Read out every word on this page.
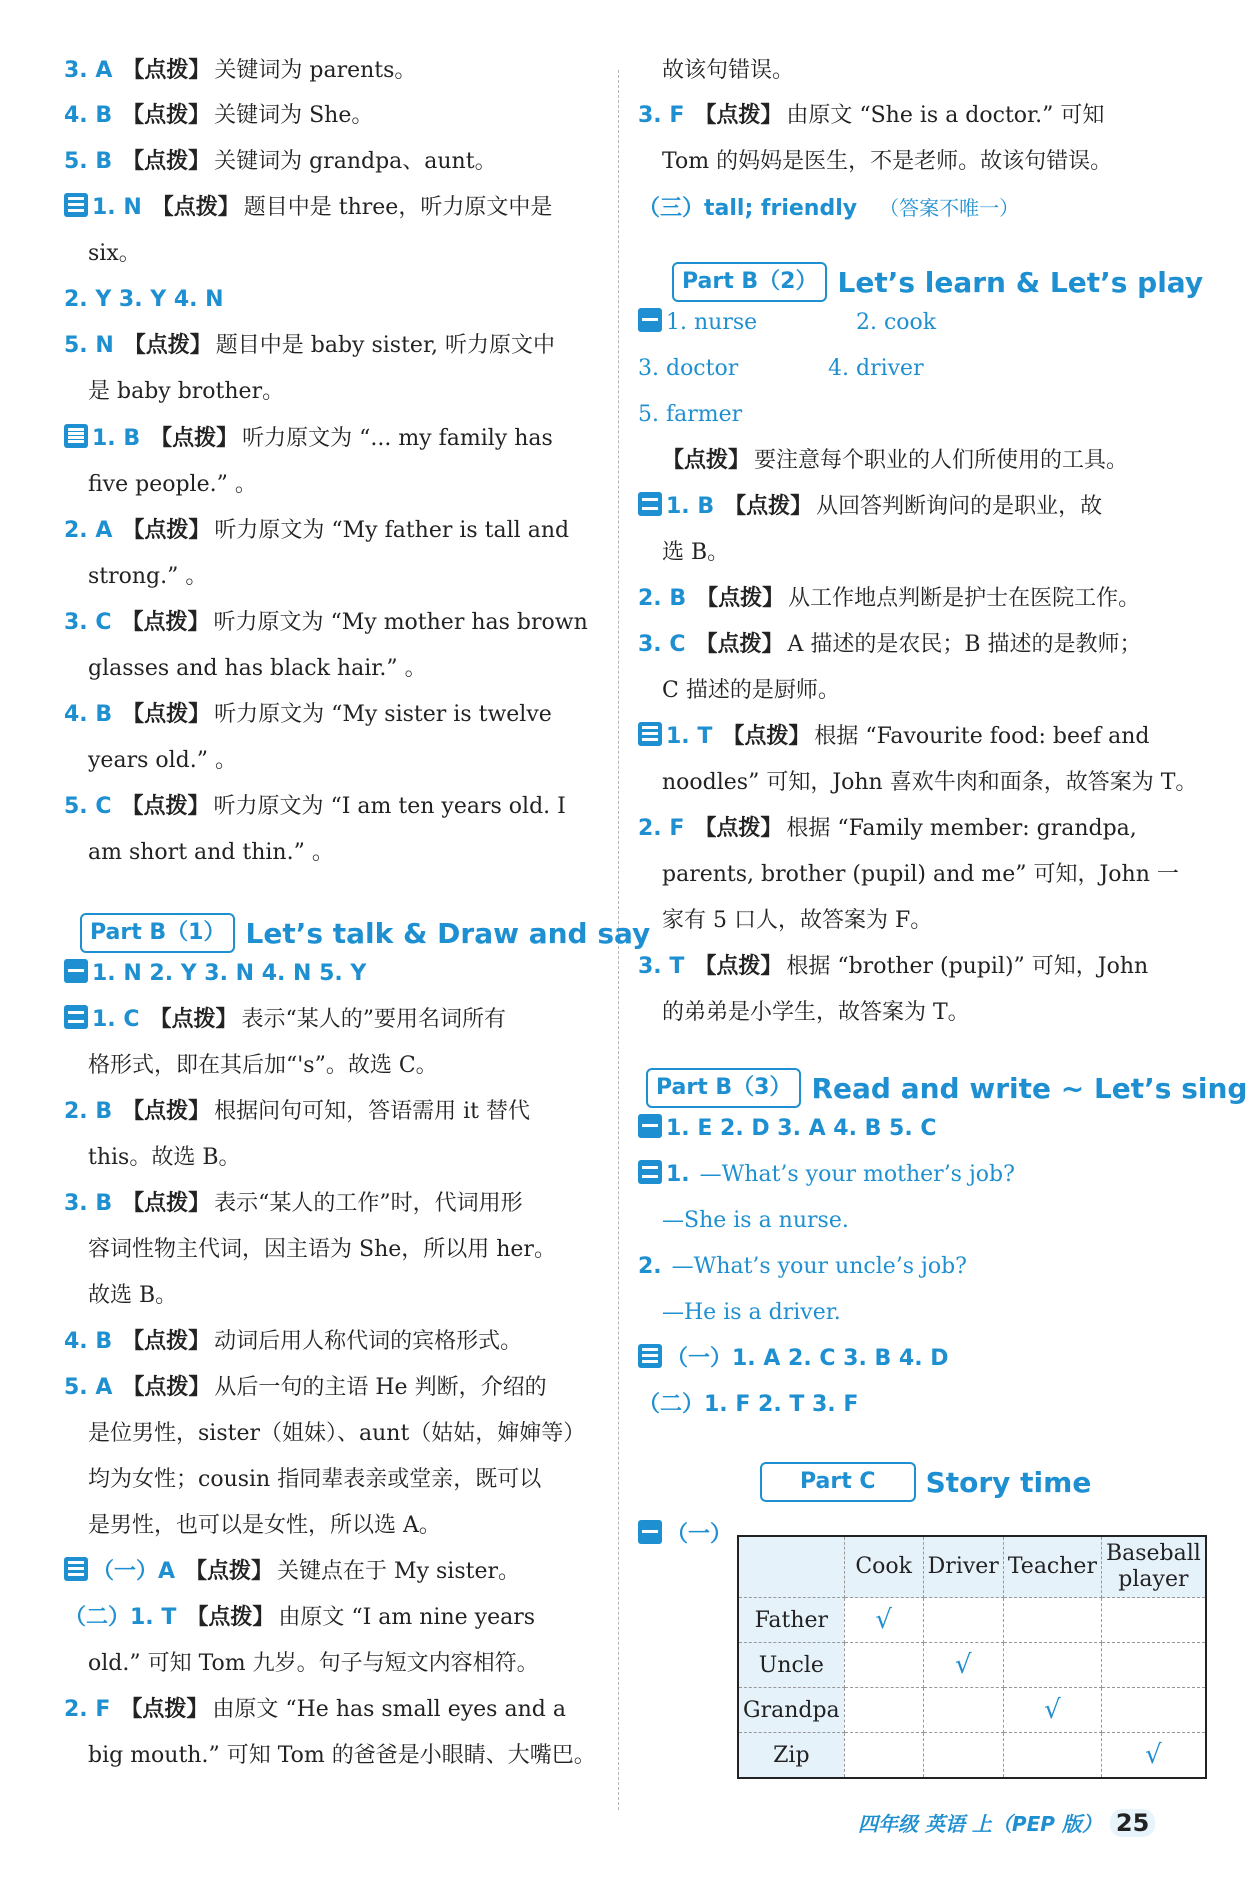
3. A 【点拨】 关键词为 parents。
4. B 【点拨】 关键词为 She。
5. B 【点拨】 关键词为 grandpa、aunt。
1. N 【点拨】 题目中是 three，听力原文中是
six。
2. Y 3. Y 4. N
5. N 【点拨】 题目中是 baby sister, 听力原文中
是 baby brother。
1. B 【点拨】 听力原文为 “... my family has
five people.” 。
2. A 【点拨】 听力原文为 “My father is tall and
strong.” 。
3. C 【点拨】 听力原文为 “My mother has brown
glasses and has black hair.” 。
4. B 【点拨】 听力原文为 “My sister is twelve
years old.” 。
5. C 【点拨】 听力原文为 “I am ten years old. I
am short and thin.” 。
1. N 2. Y 3. N 4. N 5. Y
1. C 【点拨】 表示“某人的”要用名词所有
格形式，即在其后加“'s”。故选 C。
2. B 【点拨】 根据问句可知，答语需用 it 替代
this。故选 B。
3. B 【点拨】 表示“某人的工作”时，代词用形
容词性物主代词，因主语为 She，所以用 her。
故选 B。
4. B 【点拨】 动词后用人称代词的宾格形式。
5. A 【点拨】 从后一句的主语 He 判断，介绍的
是位男性，sister（姐妹）、aunt（姑姑，婶婶等）
均为女性；cousin 指同辈表亲或堂亲，既可以
是男性，也可以是女性，所以选 A。
（一）A 【点拨】 关键点在于 My sister。
（二）1. T 【点拨】 由原文 “I am nine years
old.” 可知 Tom 九岁。句子与短文内容相符。
2. F 【点拨】 由原文 “He has small eyes and a
big mouth.” 可知 Tom 的爸爸是小眼睛、大嘴巴。
故该句错误。
3. F 【点拨】 由原文 “She is a doctor.” 可知
Tom 的妈妈是医生，不是老师。故该句错误。
（三）tall; friendly （答案不唯一）
1. nurse	2. cook
3. doctor	4. driver
5. farmer
【点拨】 要注意每个职业的人们所使用的工具。
1. B 【点拨】 从回答判断询问的是职业，故
选 B。
2. B 【点拨】 从工作地点判断是护士在医院工作。
3. C 【点拨】 A 描述的是农民；B 描述的是教师；
C 描述的是厨师。
1. T 【点拨】 根据 “Favourite food: beef and
noodles” 可知，John 喜欢牛肉和面条，故答案为 T。
2. F 【点拨】 根据 “Family member: grandpa,
parents, brother (pupil) and me” 可知，John 一
家有 5 口人，故答案为 F。
3. T 【点拨】 根据 “brother (pupil)” 可知，John
的弟弟是小学生，故答案为 T。
1. E 2. D 3. A 4. B 5. C
1. —What’s your mother’s job?
—She is a nurse.
2. —What’s your uncle’s job?
—He is a driver.
（一）1. A 2. C 3. B 4. D
（二）1. F 2. T 3. F
Part B（1） Let’s talk & Draw and say
Part B（2） Let’s learn & Let’s play
Part B（3） Read and write ~ Let’s sing
Part C Story time
（一）
	Cook	Driver	Teacher	Baseball player
Father	√			
Uncle		√		
Grandpa			√	
Zip				√
四年级 英语 上（PEP 版） 25
